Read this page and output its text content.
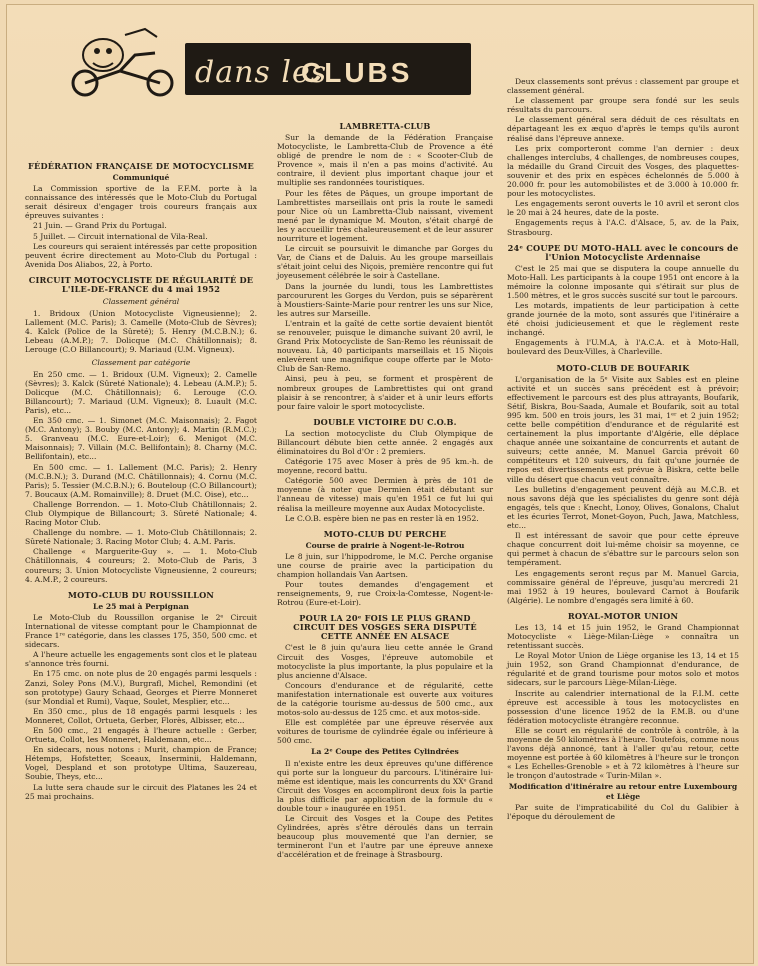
dans les
CLUBS
FÉDÉRATION FRANÇAISE DE MOTOCYCLISME
Communiqué

La Commission sportive de la F.F.M. porte à la connaissance des intéressés que le Moto-Club du Portugal serait désireux d'engager trois coureurs français aux épreuves suivantes :

21 Juin. — Grand Prix du Portugal.

5 Juillet. — Circuit international de Vila-Real.

Les coureurs qui seraient intéressés par cette proposition peuvent écrire directement au Moto-Club du Portugal : Avenida Dos Aliabos, 22, à Porto.

CIRCUIT MOTOCYCLISTE DE RÉGULARITÉ DE L'ILE-DE-FRANCE du 4 mai 1952
Classement général

1. Bridoux (Union Motocycliste Vigneusienne); 2. Lallement (M.C. Paris); 3. Camelle (Moto-Club de Sèvres); 4. Kalck (Police de la Sûreté); 5. Henry (M.C.B.N.); 6. Lebeau (A.M.P.); 7. Dolicque (M.C. Châtillonnais); 8. Lerouge (C.O Billancourt); 9. Mariaud (U.M. Vigneux).

Classement par catégorie

En 250 cmc. — 1. Bridoux (U.M. Vigneux); 2. Camelle (Sèvres); 3. Kalck (Sûreté Nationale); 4. Lebeau (A.M.P.); 5. Dolicque (M.C. Châtillonnais); 6. Lerouge (C.O. Billancourt); 7. Mariaud (U.M. Vigneux); 8. Luault (M.C. Paris), etc...

En 350 cmc. — 1. Simonet (M.C. Maisonnais); 2. Fagot (M.C. Antony); 3. Bouby (M.C. Antony); 4. Martin (R.M.C.); 5. Granveau (M.C. Eure-et-Loir); 6. Menigot (M.C. Maisonnais); 7. Villain (M.C. Bellifontain); 8. Charny (M.C. Bellifontain), etc...

En 500 cmc. — 1. Lallement (M.C. Paris); 2. Henry (M.C.B.N.); 3. Durand (M.C. Châtillonnais); 4. Cornu (M.C. Paris); 5. Tessier (M.C.B.N.); 6. Bouteloup (C.O Billancourt); 7. Boucaux (A.M. Romainville); 8. Druet (M.C. Oise), etc...

Challenge Borrendon. — 1. Moto-Club Châtillonnais; 2. Club Olympique de Billancourt; 3. Sûreté Nationale; 4. Racing Motor Club.

Challenge du nombre. — 1. Moto-Club Châtillonnais; 2. Sûreté Nationale; 3. Racing Motor Club; 4. A.M. Paris.

Challenge « Marguerite-Guy ». — 1. Moto-Club Châtillonnais, 4 coureurs; 2. Moto-Club de Paris, 3 coureurs; 3. Union Motocycliste Vigneusienne, 2 coureurs; 4. A.M.P., 2 coureurs.

MOTO-CLUB DU ROUSSILLON
Le 25 mai à Perpignan

Le Moto-Club du Roussillon organise le 2ᵉ Circuit International de vitesse comptant pour le Championnat de France 1ʳᵉ catégorie, dans les classes 175, 350, 500 cmc. et sidecars.

A l'heure actuelle les engagements sont clos et le plateau s'annonce très fourni.

En 175 cmc. on note plus de 20 engagés parmi lesquels : Zanzi, Soley Pons (M.V.), Burgrafl, Michel, Remondini (et son prototype) Gaury Schaad, Georges et Pierre Monneret (sur Mondial et Rumi), Vaque, Soulet, Mesplier, etc...

En 350 cmc., plus de 18 engagés parmi lesquels : les Monneret, Collot, Ortueta, Gerber, Florès, Albisser, etc...

En 500 cmc., 21 engagés à l'heure actuelle : Gerber, Ortueta, Collot, les Monneret, Haldemann, etc...

En sidecars, nous notons : Murit, champion de France; Hétemps, Hofstetter, Sceaux, Inserminii, Haldemann, Vogel, Despland et son prototype Ultima, Sauzereau, Soubie, Theys, etc...

La lutte sera chaude sur le circuit des Platanes les 24 et 25 mai prochains.

LAMBRETTA-CLUB

Sur la demande de la Fédération Française Motocycliste, le Lambretta-Club de Provence a été obligé de prendre le nom de : « Scooter-Club de Provence », mais il n'en a pas moins d'activité. Au contraire, il devient plus important chaque jour et multiplie ses randonnées touristiques.

Pour les fêtes de Pâques, un groupe important de Lambrettistes marseillais ont pris la route le samedi pour Nice où un Lambretta-Club naissant, vivement mené par le dynamique M. Mouton, s'était chargé de les y accueillir très chaleureusement et de leur assurer nourriture et logement.

Le circuit se poursuivit le dimanche par Gorges du Var, de Cians et de Daluis. Au les groupe marseillais s'était joint celui des Niçois, première rencontre qui fut joyeusement célébrée le soir à Castellane.

Dans la journée du lundi, tous les Lambrettistes parcoururent les Gorges du Verdon, puis se séparèrent à Moustiers-Sainte-Marie pour rentrer les uns sur Nice, les autres sur Marseille.

L'entrain et la gaîté de cette sortie devaient bientôt se renouveler, puisque le dimanche suivant 20 avril, le Grand Prix Motocycliste de San-Remo les réunissait de nouveau. Là, 40 participants marseillais et 15 Niçois enlevèrent une magnifique coupe offerte par le Moto-Club de San-Remo.

Ainsi, peu à peu, se forment et prospèrent de nombreux groupes de Lambrettistes qui ont grand plaisir à se rencontrer, à s'aider et à unir leurs efforts pour faire valoir le sport motocycliste.

DOUBLE VICTOIRE DU C.O.B.

La section motocycliste du Club Olympique de Billancourt débute bien cette année. 2 engagés aux éliminatoires du Bol d'Or : 2 premiers.

Catégorie 175 avec Moser à près de 95 km.-h. de moyenne, record battu.

Catégorie 500 avec Dermien à près de 101 de moyenne (à noter que Dermien était débutant sur l'anneau de vitesse) mais qu'en 1951 ce fut lui qui réalisa la meilleure moyenne aux Audax Motocycliste.

Le C.O.B. espère bien ne pas en rester là en 1952.

MOTO-CLUB DU PERCHE
Course de prairie à Nogent-le-Rotrou

Le 8 juin, sur l'hippodrome, le M.C. Perche organise une course de prairie avec la participation du champion hollandais Van Aartsen.

Pour toutes demandes d'engagement et renseignements, 9, rue Croix-la-Comtesse, Nogent-le-Rotrou (Eure-et-Loir).

POUR LA 20ᵉ FOIS LE PLUS GRAND CIRCUIT DES VOSGES SERA DISPUTÉ CETTE ANNÉE EN ALSACE

C'est le 8 juin qu'aura lieu cette année le Grand Circuit des Vosges, l'épreuve automobile et motocycliste la plus importante, la plus populaire et la plus ancienne d'Alsace.

Concours d'endurance et de régularité, cette manifestation internationale est ouverte aux voitures de la catégorie tourisme au-dessus de 500 cmc., aux motos-solo au-dessus de 125 cmc. et aux motos-side.

Elle est complétée par une épreuve réservée aux voitures de tourisme de cylindrée égale ou inférieure à 500 cmc.

La 2ᵉ Coupe des Petites Cylindrées

Il n'existe entre les deux épreuves qu'une différence qui porte sur la longueur du parcours. L'itinéraire lui-même est identique, mais les concurrents du XXᵉ Grand Circuit des Vosges en accompliront deux fois la partie la plus difficile par application de la formule du « double tour » inaugurée en 1951.

Le Circuit des Vosges et la Coupe des Petites Cylindrées, après s'être déroulés dans un terrain beaucoup plus mouvementé que l'an dernier, se termineront l'un et l'autre par une épreuve annexe d'accélération et de freinage à Strasbourg.

Deux classements sont prévus : classement par groupe et classement général.

Le classement par groupe sera fondé sur les seuls résultats du parcours.

Le classement général sera déduit de ces résultats en départageant les ex æquo d'après le temps qu'ils auront réalisé dans l'épreuve annexe.

Les prix comporteront comme l'an dernier : deux challenges interclubs, 4 challenges, de nombreuses coupes, la médaille du Grand Circuit des Vosges, des plaquettes-souvenir et des prix en espèces échelonnés de 5.000 à 20.000 fr. pour les automobilistes et de 3.000 à 10.000 fr. pour les motocyclistes.

Les engagements seront ouverts le 10 avril et seront clos le 20 mai à 24 heures, date de la poste.

Engagements reçus à l'A.C. d'Alsace, 5, av. de la Paix, Strasbourg.

24ᵉ COUPE DU MOTO-HALL avec le concours de l'Union Motocycliste Ardennaise

C'est le 25 mai que se disputera la coupe annuelle du Moto-Hall. Les participants à la coupe 1951 ont encore à la mémoire la colonne imposante qui s'étirait sur plus de 1.500 mètres, et le gros succès suscité sur tout le parcours.

Les motards, impatients de leur participation à cette grande journée de la moto, sont assurés que l'itinéraire a été choisi judicieusement et que le règlement reste inchangé.

Engagements à l'U.M.A, à l'A.C.A. et à Moto-Hall, boulevard des Deux-Villes, à Charleville.

MOTO-CLUB DE BOUFARIK

L'organisation de la 5ᵉ Visite aux Sables est en pleine activité et un succès sans précédent est à prévoir; effectivement le parcours est des plus attrayants, Boufarik, Sétif, Biskra, Bou-Saada, Aumale et Boufarik, soit au total 995 km. 500 en trois jours, les 31 mai, 1ᵉʳ et 2 juin 1952; cette belle compétition d'endurance et de régularité est certainement la plus importante d'Algérie, elle déplace chaque année une soixantaine de concurrents et autant de suiveurs; cette année, M. Manuel Garcia prévoit 60 compétiteurs et 120 suiveurs, du fait qu'une journée de repos est divertissements est prévue à Biskra, cette belle ville du désert que chacun veut connaître.

Les bulletins d'engagement peuvent déjà au M.C.B. et nous savons déjà que les spécialistes du genre sont déjà engagés, tels que : Knecht, Lonoy, Olives, Gonalons, Chalut et les écuries Terrot, Monet-Goyon, Puch, Jawa, Matchless, etc...

Il est intéressant de savoir que pour cette épreuve chaque concurrent doit lui-même choisir sa moyenne, ce qui permet à chacun de s'ébattre sur le parcours selon son tempérament.

Les engagements seront reçus par M. Manuel Garcia, commissaire général de l'épreuve, jusqu'au mercredi 21 mai 1952 à 19 heures, boulevard Carnot à Boufarik (Algérie). Le nombre d'engagés sera limité à 60.

ROYAL-MOTOR UNION

Les 13, 14 et 15 juin 1952, le Grand Championnat Motocycliste « Liège-Milan-Liège » connaîtra un retentissant succès.

Le Royal Motor Union de Liège organise les 13, 14 et 15 juin 1952, son Grand Championnat d'endurance, de régularité et de grand tourisme pour motos solo et motos sidecars, sur le parcours Liège-Milan-Liège.

Inscrite au calendrier international de la F.I.M. cette épreuve est accessible à tous les motocyclistes en possession d'une licence 1952 de la F.M.B. ou d'une fédération motocycliste étrangère reconnue.

Elle se court en régularité de contrôle à contrôle, à la moyenne de 50 kilomètres à l'heure. Toutefois, comme nous l'avons déjà annoncé, tant à l'aller qu'au retour, cette moyenne est portée à 60 kilomètres à l'heure sur le tronçon « Les Echelles-Grenoble » et à 72 kilomètres à l'heure sur le tronçon d'autostrade « Turin-Milan ».

Modification d'itinéraire au retour entre Luxembourg et Liège

Par suite de l'impraticabilité du Col du Galibier à l'époque du déroulement de
